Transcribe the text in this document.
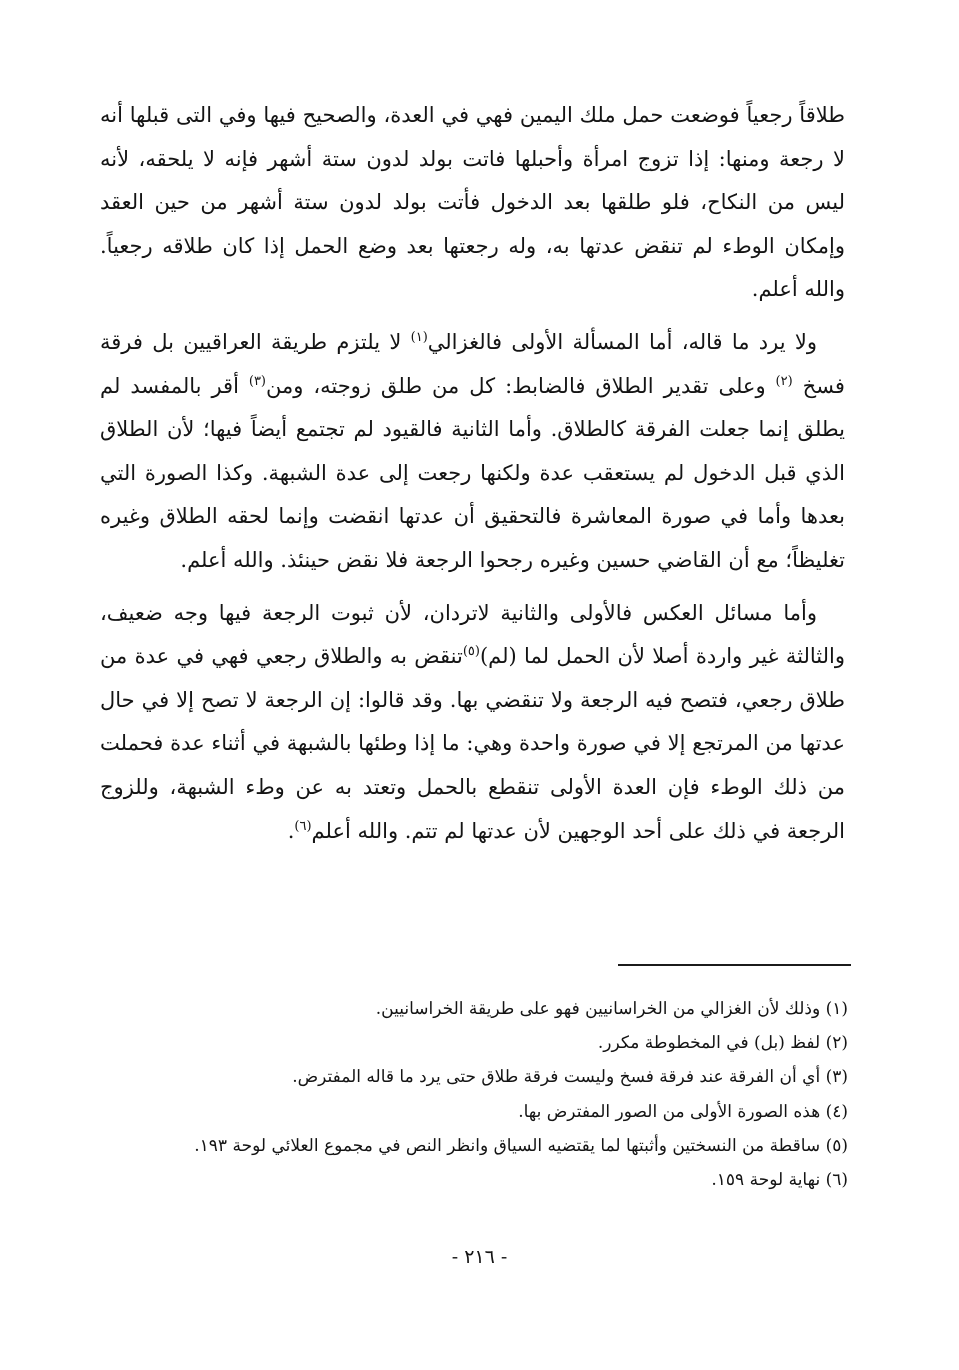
طلاقاً رجعياً فوضعت حمل ملك اليمين فهي في العدة، والصحيح فيها وفي التى قبلها أنه لا رجعة ومنها: إذا تزوج امرأة وأحبلها فاتت بولد لدون ستة أشهر فإنه لا يلحقه، لأنه ليس من النكاح، فلو طلقها بعد الدخول فأتت بولد لدون ستة أشهر من حين العقد وإمكان الوطء لم تنقض عدتها به، وله رجعتها بعد وضع الحمل إذا كان طلاقه رجعياً. والله أعلم.

ولا يرد ما قاله، أما المسألة الأولى فالغزالي$^{(١)}$ لا يلتزم طريقة العراقيين بل فرقة فسخ $^{(٢)}$ وعلى تقدير الطلاق فالضابط: كل من طلق زوجته، ومن$^{(٣)}$ أقر بالمفسد لم يطلق إنما جعلت الفرقة كالطلاق. وأما الثانية فالقيود لم تجتمع أيضاً فيها؛ لأن الطلاق الذي قبل الدخول لم يستعقب عدة ولكنها رجعت إلى عدة الشبهة. وكذا الصورة التي بعدها وأما في صورة المعاشرة فالتحقيق أن عدتها انقضت وإنما لحقه الطلاق وغيره تغليظاً؛ مع أن القاضي حسين وغيره رجحوا الرجعة فلا نقض حينئذ. والله أعلم.

وأما مسائل العكس فالأولى والثانية لاتردان، لأن ثبوت الرجعة فيها وجه ضعيف، والثالثة غير واردة أصلا لأن الحمل لما (لم)$^{(٥)}$تنقض به والطلاق رجعي فهي في عدة من طلاق رجعي، فتصح فيه الرجعة ولا تنقضي بها. وقد قالوا: إن الرجعة لا تصح إلا في حال عدتها من المرتجع إلا في صورة واحدة وهي: ما إذا وطئها بالشبهة في أثناء عدة فحملت من ذلك الوطء فإن العدة الأولى تنقطع بالحمل وتعتد به عن وطء الشبهة، وللزوج الرجعة في ذلك على أحد الوجهين لأن عدتها لم تتم. والله أعلم$^{(٦)}$.

(١) وذلك لأن الغزالي من الخراسانيين فهو على طريقة الخراسانيين.
(٢) لفظ (بل) في المخطوطة مكرر.
(٣) أي أن الفرقة عند فرقة فسخ وليست فرقة طلاق حتى يرد ما قاله المفترض.
(٤) هذه الصورة الأولى من الصور المفترض بها.
(٥) ساقطة من النسختين وأثبتها لما يقتضيه السياق وانظر النص في مجموع العلائي لوحة ١٩٣.
(٦) نهاية لوحة ١٥٩.
- ٢١٦ -
